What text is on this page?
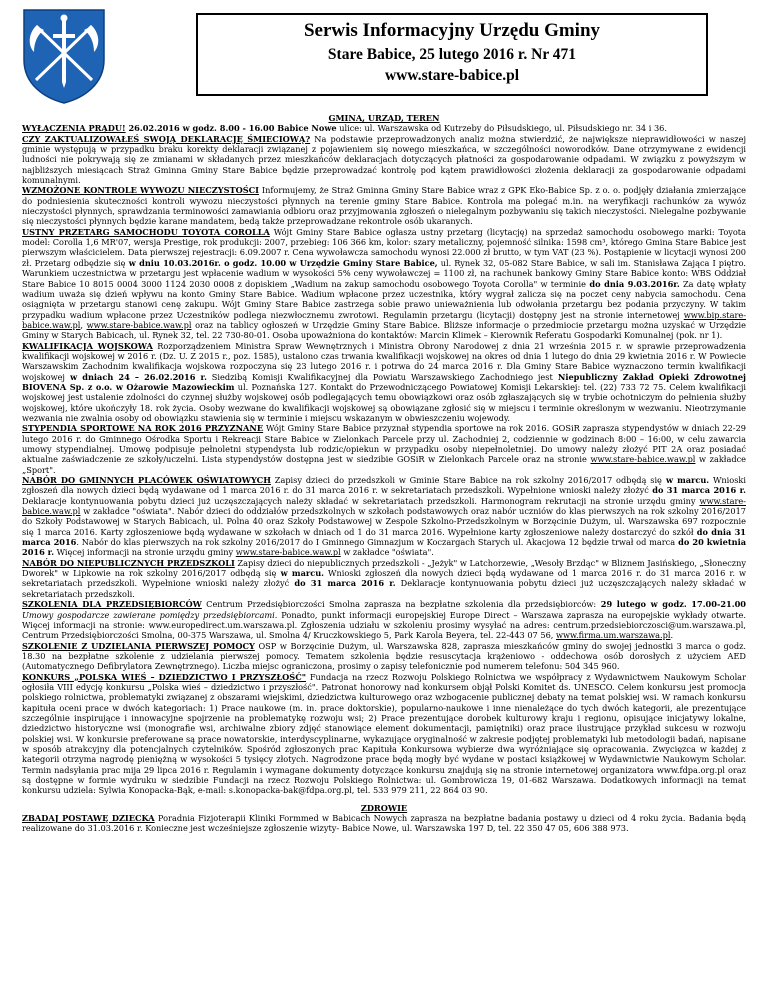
Serwis Informacyjny Urzędu Gminy
Stare Babice, 25 lutego 2016 r. Nr 471
www.stare-babice.pl

GMINA, URZĄD, TEREN

WYŁĄCZENIA PRĄDU! 26.02.2016 w godz. 8.00 - 16.00 Babice Nowe ulice: ul. Warszawska od Kutrzeby do Piłsudskiego, ul. Piłsudskiego nr. 34 i 36.

CZY ZAKTUALIZOWAŁEŚ SWOJĄ DEKLARACJĘ ŚMIECIOWĄ? Na podstawie przeprowadzonych analiz można stwierdzić, że największe nieprawidłowości w naszej gminie występują w przypadku braku korekty deklaracji związanej z pojawieniem się nowego mieszkańca, w szczególności noworodków. Dane otrzymywane z ewidencji ludności nie pokrywają się ze zmianami w składanych przez mieszkańców deklaracjach dotyczących płatności za gospodarowanie odpadami. W związku z powyższym w najbliższych miesiącach Straż Gminna Gminy Stare Babice będzie przeprowadzać kontrolę pod kątem prawidłowości złożenia deklaracji za gospodarowanie odpadami komunalnymi.

WZMOŻONE KONTROLE WYWOZU NIECZYSTOŚCI Informujemy, że Straż Gminna Gminy Stare Babice wraz z GPK Eko-Babice Sp. z o. o. podjęły działania zmierzające do podniesienia skuteczności kontroli wywozu nieczystości płynnych na terenie gminy Stare Babice. Kontrola ma polegać m.in. na weryfikacji rachunków za wywóz nieczystości płynnych, sprawdzania terminowości zamawiania odbioru oraz przyjmowania zgłoszeń o nielegalnym pozbywaniu się takich nieczystości. Nielegalne pozbywanie się nieczystości płynnych będzie karane mandatem, bedą także przeprowadzane rekontrole osób ukaranych.

USTNY PRZETARG SAMOCHODU TOYOTA COROLLA Wójt Gminy Stare Babice ogłasza ustny przetarg (licytację) na sprzedaż samochodu osobowego marki: Toyota model: Corolla 1,6 MR'07, wersja Prestige, rok produkcji: 2007, przebieg: 106 366 km, kolor: szary metaliczny, pojemność silnika: 1598 cm³, którego Gmina Stare Babice jest pierwszym właścicielem. Data pierwszej rejestracji: 6.09.2007 r. Cena wywoławcza samochodu wynosi 22.000 zł brutto, w tym VAT (23 %). Postąpienie w licytacji wynosi 200 zł. Przetarg odbędzie się w dniu 10.03.2016r. o godz. 10.00 w Urzędzie Gminy Stare Babice, ul. Rynek 32, 05-082 Stare Babice, w sali im. Stanisława Zająca I piętro. Warunkiem uczestnictwa w przetargu jest wpłacenie wadium w wysokości 5% ceny wywoławczej = 1100 zł, na rachunek bankowy Gminy Stare Babice konto: WBS Oddział Stare Babice 10 8015 0004 3000 1124 2030 0008 z dopiskiem „Wadium na zakup samochodu osobowego Toyota Corolla" w terminie do dnia 9.03.2016r. Za datę wpłaty wadium uważa się dzień wpływu na konto Gminy Stare Babice. Wadium wpłacone przez uczestnika, który wygrał zalicza się na poczet ceny nabycia samochodu. Cena osiągnięta w przetargu stanowi cenę zakupu. Wójt Gminy Stare Babice zastrzega sobie prawo unieważnienia lub odwołania przetargu bez podania przyczyny. W takim przypadku wadium wpłacone przez Uczestników podlega niezwłocznemu zwrotowi. Regulamin przetargu (licytacji) dostępny jest na stronie internetowej www.bip.stare-babice.waw.pl, www.stare-babice.waw.pl oraz na tablicy ogłoszeń w Urzędzie Gminy Stare Babice. Bliższe informacje o przedmiocie przetargu można uzyskać w Urzędzie Gminy w Starych Babicach, ul. Rynek 32, tel. 22 730-80-01. Osoba upoważniona do kontaktów: Marcin Klimek – Kierownik Referatu Gospodarki Komunalnej (pok. nr 1).

KWALIFIKACJA WOJSKOWA Rozporządzeniem Ministra Spraw Wewnętrznych i Ministra Obrony Narodowej z dnia 21 września 2015 r. w sprawie przeprowadzenia kwalifikacji wojskowej w 2016 r. (Dz. U. Z 2015 r., poz. 1585), ustalono czas trwania kwalifikacji wojskowej na okres od dnia 1 lutego do dnia 29 kwietnia 2016 r. W Powiecie Warszawskim Zachodnim kwalifikacja wojskowa rozpoczyna się 23 lutego 2016 r. i potrwa do 24 marca 2016 r. Dla Gminy Stare Babice wyznaczono termin kwalifikacji wojskowej w dniach 24 – 26.02.2016 r. Siedzibą Komisji Kwalifikacyjnej dla Powiatu Warszawskiego Zachodniego jest Niepubliczny Zakład Opieki Zdrowotnej BIOVENA Sp. z o.o. w Ożarowie Mazowieckim ul. Poznańska 127. Kontakt do Przewodniczącego Powiatowej Komisji Lekarskiej: tel. (22) 733 72 75. Celem kwalifikacji wojskowej jest ustalenie zdolności do czynnej służby wojskowej osób podlegających temu obowiązkowi oraz osób zgłaszających się w trybie ochotniczym do pełnienia służby wojskowej, które ukończyły 18. rok życia. Osoby wezwane do kwalifikacji wojskowej są obowiązane zgłosić się w miejscu i terminie określonym w wezwaniu. Nieotrzymanie wezwania nie zwalnia osoby od obowiązku stawienia się w terminie i miejscu wskazanym w obwieszczeniu wojewody.

STYPENDIA SPORTOWE NA ROK 2016 PRZYZNANE Wójt Gminy Stare Babice przyznał stypendia sportowe na rok 2016. GOSiR zaprasza stypendystów w dniach 22-29 lutego 2016 r. do Gminnego Ośrodka Sportu i Rekreacji Stare Babice w Zielonkach Parcele przy ul. Zachodniej 2, codziennie w godzinach 8:00 – 16:00, w celu zawarcia umowy stypendialnej. Umowę podpisuje pełnoletni stypendysta lub rodzic/opiekun w przypadku osoby niepełnoletniej. Do umowy należy złożyć PIT 2A oraz posiadać aktualne zaświadczenie ze szkoły/uczelni. Lista stypendystów dostępna jest w siedzibie GOSiR w Zielonkach Parcele oraz na stronie www.stare-babice.waw.pl w zakładce „Sport".

NABÓR DO GMINNYCH PLACÓWEK OŚWIATOWYCH Zapisy dzieci do przedszkoli w Gminie Stare Babice na rok szkolny 2016/2017 odbędą się w marcu. Wnioski zgłoszeń dla nowych dzieci będą wydawane od 1 marca 2016 r. do 31 marca 2016 r. w sekretariatach przedszkoli. Wypełnione wnioski należy złożyć do 31 marca 2016 r. Deklaracje kontynuowania pobytu dzieci już uczęszczających należy składać w sekretariatach przedszkoli. Harmonogram rekrutacji na stronie urzędu gminy www.stare-babice.waw.pl w zakładce "oświata". Nabór dzieci do oddziałów przedszkolnych w szkołach podstawowych oraz nabór uczniów do klas pierwszych na rok szkolny 2016/2017 do Szkoły Podstawowej w Starych Babicach, ul. Polna 40 oraz Szkoły Podstawowej w Zespole Szkolno-Przedszkolnym w Borzęcinie Dużym, ul. Warszawska 697 rozpocznie się 1 marca 2016. Karty zgłoszeniowe będą wydawane w szkołach w dniach od 1 do 31 marca 2016. Wypełnione karty zgłoszeniowe należy dostarczyć do szkół do dnia 31 marca 2016. Nabór do klas pierwszych na rok szkolny 2016/2017 do I Gminnego Gimnazjum w Koczargach Starych ul. Akacjowa 12 będzie trwał od marca do 20 kwietnia 2016 r. Więcej informacji na stronie urzędu gminy www.stare-babice.waw.pl w zakładce "oświata".

NABÓR DO NIEPUBLICZNYCH PRZEDSZKOLI Zapisy dzieci do niepublicznych przedszkoli - „Jeżyk" w Latchorzewie, „Wesoły Brzdąc" w Bliznem Jasińskiego, „Słoneczny Dworek" w Lipkowie na rok szkolny 2016/2017 odbędą się w marcu. Wnioski zgłoszeń dla nowych dzieci będą wydawane od 1 marca 2016 r. do 31 marca 2016 r. w sekretariatach przedszkoli. Wypełnione wnioski należy złożyć do 31 marca 2016 r. Deklaracje kontynuowania pobytu dzieci już uczęszczających należy składać w sekretariatach przedszkoli.

SZKOLENIA DLA PRZEDSIĘBIORCÓW Centrum Przedsiębiorczości Smolna zaprasza na bezpłatne szkolenia dla przedsiębiorców: 29 lutego w godz. 17.00-21.00 Umowy gospodarcze zawierane pomiędzy przedsiębiorcami. Ponadto, punkt informacji europejskiej Europe Direct – Warszawa zaprasza na europejskie wykłady otwarte. Więcej informacji na stronie: www.europedirect.um.warszawa.pl. Zgłoszenia udziału w szkoleniu prosimy wysyłać na adres: centrum.przedsiebiorczosci@um.warszawa.pl, Centrum Przedsiębiorczości Smolna, 00-375 Warszawa, ul. Smolna 4/ Kruczkowskiego 5, Park Karola Beyera, tel. 22-443 07 56, www.firma.um.warszawa.pl.

SZKOLENIE Z UDZIELANIA PIERWSZEJ POMOCY OSP w Borzęcinie Dużym, ul. Warszawska 828, zaprasza mieszkańców gminy do swojej jednostki 3 marca o godz. 18.30 na bezpłatne szkolenie z udzielania pierwszej pomocy. Tematem szkolenia będzie resuscytacja krążeniowo - oddechowa osób dorosłych z użyciem AED (Automatycznego Defibrylatora Zewnętrznego). Liczba miejsc ograniczona, prosimy o zapisy telefonicznie pod numerem telefonu: 504 345 960.

KONKURS „POLSKA WIEŚ – DZIEDZICTWO I PRZYSZŁOŚĆ" Fundacja na rzecz Rozwoju Polskiego Rolnictwa we współpracy z Wydawnictwem Naukowym Scholar ogłosiła VIII edycję konkursu „Polska wieś – dziedzictwo i przyszłość". Patronat honorowy nad konkursem objął Polski Komitet ds. UNESCO. Celem konkursu jest promocja polskiego rolnictwa, problematyki związanej z obszarami wiejskimi, dziedzictwa kulturowego oraz wzbogacenie publicznej debaty na temat polskiej wsi. W ramach konkursu kapituła oceni prace w dwóch kategoriach: 1) Prace naukowe (m. in. prace doktorskie), popularno-naukowe i inne nienależące do tych dwóch kategorii, ale prezentujące szczególnie inspirujące i innowacyjne spojrzenie na problematykę rozwoju wsi; 2) Prace prezentujące dorobek kulturowy kraju i regionu, opisujące inicjatywy lokalne, dziedzictwo historyczne wsi (monografie wsi, archiwalne zbiory zdjęć stanowiące element dokumentacji, pamiętniki) oraz prace ilustrujące przykład sukcesu w rozwoju polskiej wsi. W konkursie preferowane są prace nowatorskie, interdyscyplinarne, wykazujące oryginalność w zakresie podjętej problematyki lub metodologii badań, napisane w sposób atrakcyjny dla potencjalnych czytelników. Spośród zgłoszonych prac Kapituła Konkursowa wybierze dwa wyróżniające się opracowania. Zwycięzca w każdej z kategorii otrzyma nagrodę pieniężną w wysokości 5 tysięcy złotych. Nagrodzone prace będą mogły być wydane w postaci książkowej w Wydawnictwie Naukowym Scholar. Termin nadsyłania prac mija 29 lipca 2016 r. Regulamin i wymagane dokumenty dotyczące konkursu znajdują się na stronie internetowej organizatora www.fdpa.org.pl oraz są dostępne w formie wydruku w siedzibie Fundacji na rzecz Rozwoju Polskiego Rolnictwa: ul. Gombrowicza 19, 01-682 Warszawa. Dodatkowych informacji na temat konkursu udziela: Sylwia Konopacka-Bąk, e-mail: s.konopacka-bak@fdpa.org.pl, tel. 533 979 211, 22 864 03 90.

ZDROWIE

ZBADAJ POSTAWĘ DZIECKA Poradnia Fizjoterapii Kliniki Formmed w Babicach Nowych zaprasza na bezpłatne badania postawy u dzieci od 4 roku życia. Badania będą realizowane do 31.03.2016 r. Konieczne jest wcześniejsze zgłoszenie wizyty- Babice Nowe, ul. Warszawska 197 D, tel. 22 350 47 05, 606 388 973.
